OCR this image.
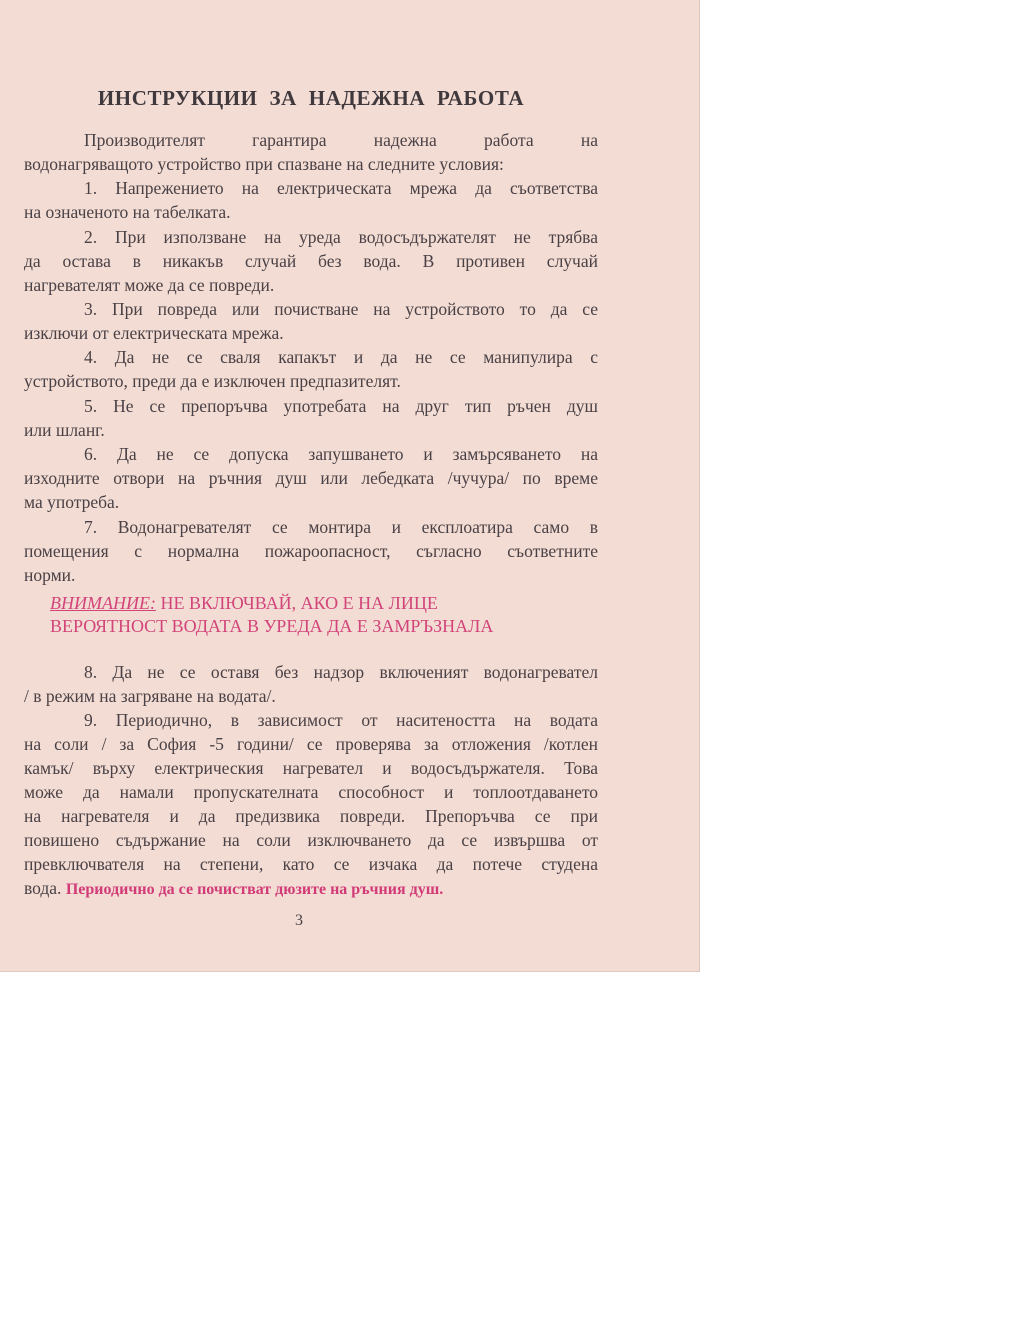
ИНСТРУКЦИИ ЗА НАДЕЖНА РАБОТА
Производителят гарантира надежна работа на
водонагряващото устройство при спазване на следните условия:
1. Напрежението на електрическата мрежа да съответства
на означеното на табелката.
2. При използване на уреда водосъдържателят не трябва
да остава в никакъв случай без вода. В противен случай
нагревателят може да се повреди.
3. При повреда или почистване на устройството то да се
изключи от електрическата мрежа.
4. Да не се сваля капакът и да не се манипулира с
устройството, преди да е изключен предпазителят.
5. Не се препоръчва употребата на друг тип ръчен душ
или шланг.
6. Да не се допуска запушването и замърсяването на
изходните отвори на ръчния душ или лебедката /чучура/ по време
ма употреба.
7. Водонагревателят се монтира и експлоатира само в
помещения с нормална пожароопасност, съгласно съответните
норми.
ВНИМАНИЕ: НЕ ВКЛЮЧВАЙ, АКО Е НА ЛИЦЕ
ВЕРОЯТНОСТ ВОДАТА В УРЕДА ДА Е ЗАМРЪЗНАЛА
8. Да не се оставя без надзор включеният водонагревател
/ в режим на загряване на водата/.
9. Периодично, в зависимост от наситеността на водата
на соли / за София -5 години/ се проверява за отложения /котлен
камък/ върху електрическия нагревател и водосъдържателя. Това
може да намали пропускателната способност и топлоотдаването
на нагревателя и да предизвика повреди. Препоръчва се при
повишено съдържание на соли изключването да се извършва от
превключвателя на степени, като се изчака да потече студена
вода. Периодично да се почистват дюзите на ръчния душ.
3
